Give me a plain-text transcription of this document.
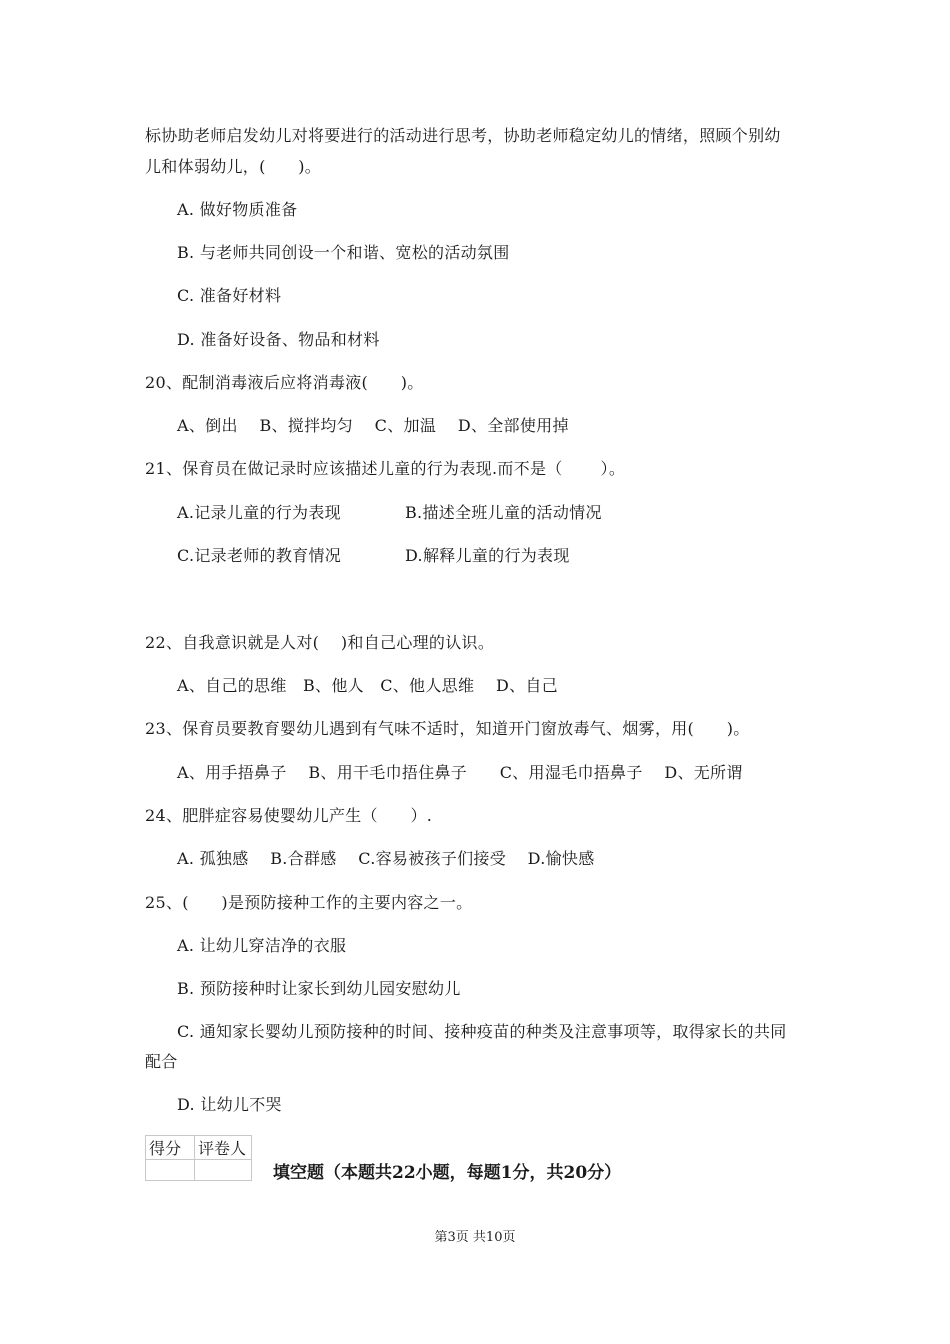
标协助老师启发幼儿对将要进行的活动进行思考，协助老师稳定幼儿的情绪，照顾个别幼
儿和体弱幼儿，(　　)。
A. 做好物质准备
B. 与老师共同创设一个和谐、宽松的活动氛围
C. 准备好材料
D. 准备好设备、物品和材料
20、配制消毒液后应将消毒液(　　)。
A、倒出　 B、搅拌均匀　 C、加温　 D、全部使用掉
21、保育员在做记录时应该描述儿童的行为表现.而不是（　　 ）。
A.记录儿童的行为表现	B.描述全班儿童的活动情况
C.记录老师的教育情况	D.解释儿童的行为表现
22、自我意识就是人对(　 )和自己心理的认识。
A、自己的思维　B、他人　C、他人思维　 D、自己
23、保育员要教育婴幼儿遇到有气味不适时，知道开门窗放毒气、烟雾，用(　　)。
A、用手捂鼻子　 B、用干毛巾捂住鼻子　　C、用湿毛巾捂鼻子　 D、无所谓
24、肥胖症容易使婴幼儿产生（　　）.
A. 孤独感　 B.合群感　 C.容易被孩子们接受　 D.愉快感
25、(　　)是预防接种工作的主要内容之一。
A. 让幼儿穿洁净的衣服
B. 预防接种时让家长到幼儿园安慰幼儿
C. 通知家长婴幼儿预防接种的时间、接种疫苗的种类及注意事项等，取得家长的共同
配合
D. 让幼儿不哭
得分	评卷人

填空题（本题共22小题，每题1分，共20分）
第3页 共10页
